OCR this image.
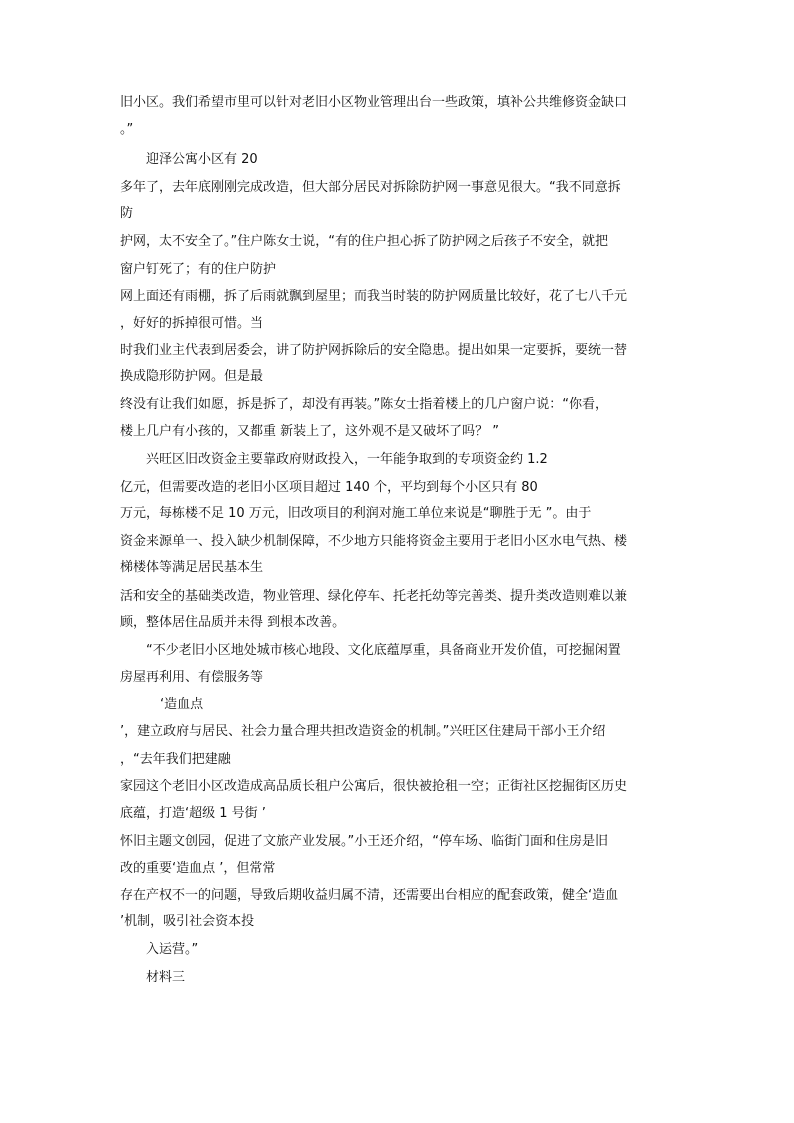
旧小区。我们希望市里可以针对老旧小区物业管理出台一些政策，填补公共维修资金缺口
。”
迎泽公寓小区有 20
多年了，去年底刚刚完成改造，但大部分居民对拆除防护网一事意见很大。“我不同意拆
防
护网，太不安全了。”住户陈女士说，“有的住户担心拆了防护网之后孩子不安全，就把
窗户钉死了；有的住户防护
网上面还有雨棚，拆了后雨就飘到屋里；而我当时装的防护网质量比较好，花了七八千元
，好好的拆掉很可惜。当
时我们业主代表到居委会，讲了防护网拆除后的安全隐患。提出如果一定要拆，要统一替
换成隐形防护网。但是最
终没有让我们如愿，拆是拆了，却没有再装。”陈女士指着楼上的几户窗户说：“你看，
楼上几户有小孩的，又都重 新装上了，这外观不是又破坏了吗？ ”
兴旺区旧改资金主要靠政府财政投入，一年能争取到的专项资金约 1.2
亿元，但需要改造的老旧小区项目超过 140 个，平均到每个小区只有 80
万元，每栋楼不足 10 万元，旧改项目的利润对施工单位来说是“聊胜于无 ”。由于
资金来源单一、投入缺少机制保障，不少地方只能将资金主要用于老旧小区水电气热、楼
梯楼体等满足居民基本生
活和安全的基础类改造，物业管理、绿化停车、托老托幼等完善类、提升类改造则难以兼
顾，整体居住品质并未得 到根本改善。
“不少老旧小区地处城市核心地段、文化底蕴厚重，具备商业开发价值，可挖掘闲置
房屋再利用、有偿服务等
‘造血点
’，建立政府与居民、社会力量合理共担改造资金的机制。”兴旺区住建局干部小王介绍
，“去年我们把建融
家园这个老旧小区改造成高品质长租户公寓后，很快被抢租一空；正街社区挖掘街区历史
底蕴，打造‘超级 1 号街 ’
怀旧主题文创园，促进了文旅产业发展。”小王还介绍，“停车场、临街门面和住房是旧
改的重要‘造血点 ’，但常常
存在产权不一的问题，导致后期收益归属不清，还需要出台相应的配套政策，健全‘造血
’机制，吸引社会资本投
入运营。”
材料三
